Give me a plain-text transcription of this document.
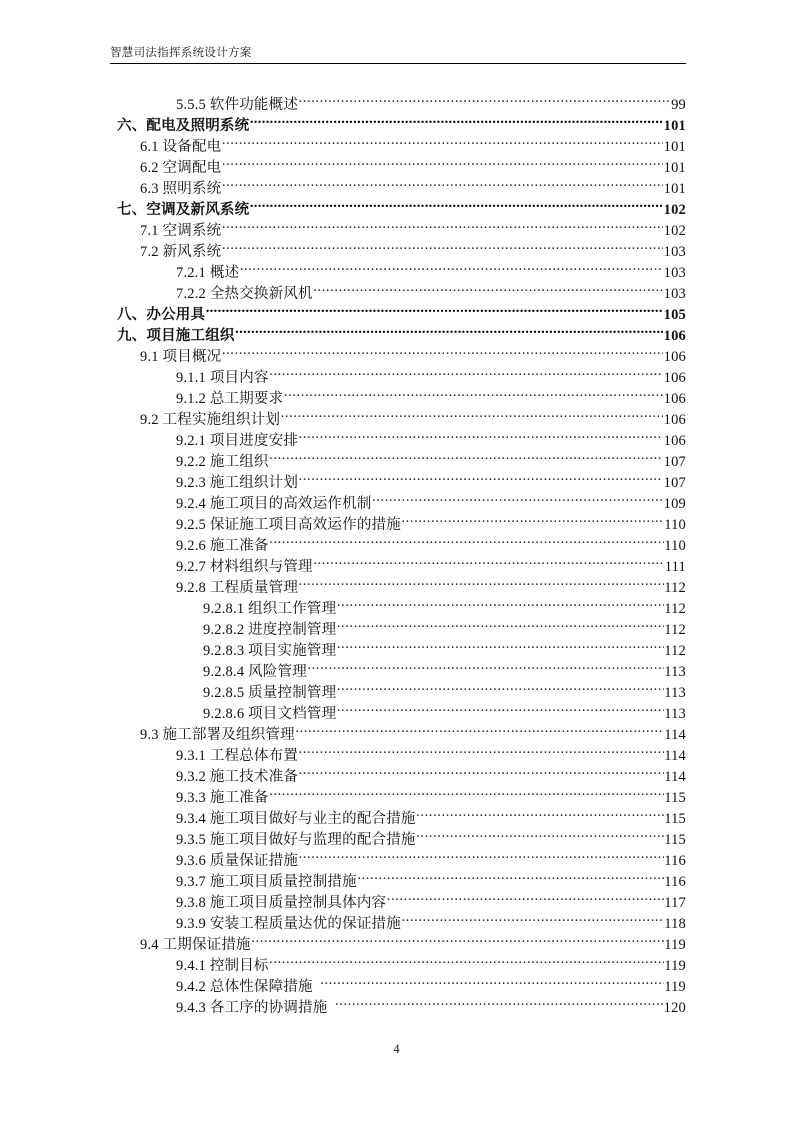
智慧司法指挥系统设计方案
5.5.5 软件功能概述 .....	99
六、配电及照明系统 .....	101
6.1 设备配电 .....	101
6.2 空调配电 .....	101
6.3 照明系统 .....	101
七、空调及新风系统 .....	102
7.1 空调系统 .....	102
7.2 新风系统 .....	103
7.2.1 概述 .....	103
7.2.2 全热交换新风机 .....	103
八、办公用具 .....	105
九、项目施工组织 .....	106
9.1 项目概况 .....	106
9.1.1 项目内容 .....	106
9.1.2 总工期要求 .....	106
9.2 工程实施组织计划 .....	106
9.2.1 项目进度安排 .....	106
9.2.2 施工组织 .....	107
9.2.3 施工组织计划 .....	107
9.2.4 施工项目的高效运作机制 .....	109
9.2.5 保证施工项目高效运作的措施 .....	110
9.2.6 施工准备 .....	110
9.2.7 材料组织与管理 .....	111
9.2.8 工程质量管理 .....	112
9.2.8.1 组织工作管理 .....	112
9.2.8.2 进度控制管理 .....	112
9.2.8.3 项目实施管理 .....	112
9.2.8.4 风险管理 .....	113
9.2.8.5 质量控制管理 .....	113
9.2.8.6 项目文档管理 .....	113
9.3 施工部署及组织管理 .....	114
9.3.1 工程总体布置 .....	114
9.3.2 施工技术准备 .....	114
9.3.3 施工准备 .....	115
9.3.4 施工项目做好与业主的配合措施 .....	115
9.3.5 施工项目做好与监理的配合措施 .....	115
9.3.6 质量保证措施 .....	116
9.3.7 施工项目质量控制措施 .....	116
9.3.8 施工项目质量控制具体内容 .....	117
9.3.9 安装工程质量达优的保证措施 .....	118
9.4 工期保证措施 .....	119
9.4.1 控制目标 .....	119
9.4.2 总体性保障措施 .....	119
9.4.3 各工序的协调措施 .....	120
4
